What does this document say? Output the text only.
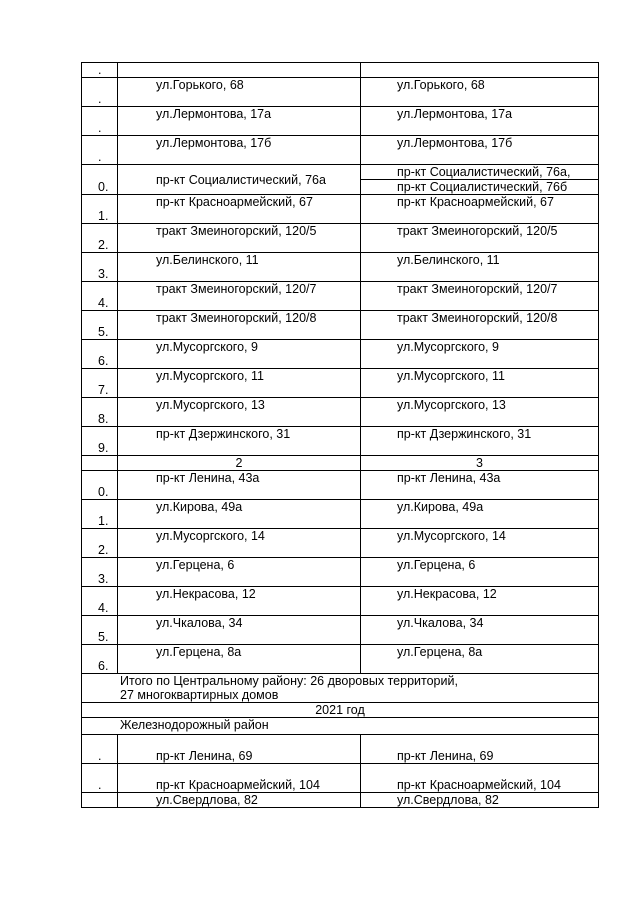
.		
.	ул.Горького, 68	ул.Горького, 68
.	ул.Лермонтова, 17а	ул.Лермонтова, 17а
.	ул.Лермонтова, 17б	ул.Лермонтова, 17б
0.	пр-кт Социалистический, 76а	пр-кт Социалистический, 76а,
пр-кт Социалистический, 76б

1.	пр-кт Красноармейский, 67	пр-кт Красноармейский, 67
2.	тракт Змеиногорский, 120/5	тракт Змеиногорский, 120/5
3.	ул.Белинского, 11	ул.Белинского, 11
4.	тракт Змеиногорский, 120/7	тракт Змеиногорский, 120/7
5.	тракт Змеиногорский, 120/8	тракт Змеиногорский, 120/8
6.	ул.Мусоргского, 9	ул.Мусоргского, 9
7.	ул.Мусоргского, 11	ул.Мусоргского, 11
8.	ул.Мусоргского, 13	ул.Мусоргского, 13
9.	пр-кт Дзержинского, 31	пр-кт Дзержинского, 31
	2	3
0.	пр-кт Ленина, 43а	пр-кт Ленина, 43а
1.	ул.Кирова, 49а	ул.Кирова, 49а
2.	ул.Мусоргского, 14	ул.Мусоргского, 14
3.	ул.Герцена, 6	ул.Герцена, 6
4.	ул.Некрасова, 12	ул.Некрасова, 12
5.	ул.Чкалова, 34	ул.Чкалова, 34
6.	ул.Герцена, 8а	ул.Герцена, 8а

Итого по Центральному району: 26 дворовых территорий,
27 многоквартирных домов		

2021 год		
Железнодорожный район		
.	пр-кт Ленина, 69	пр-кт Ленина, 69
.	пр-кт Красноармейский, 104	пр-кт Красноармейский, 104
	ул.Свердлова, 82	ул.Свердлова, 82
